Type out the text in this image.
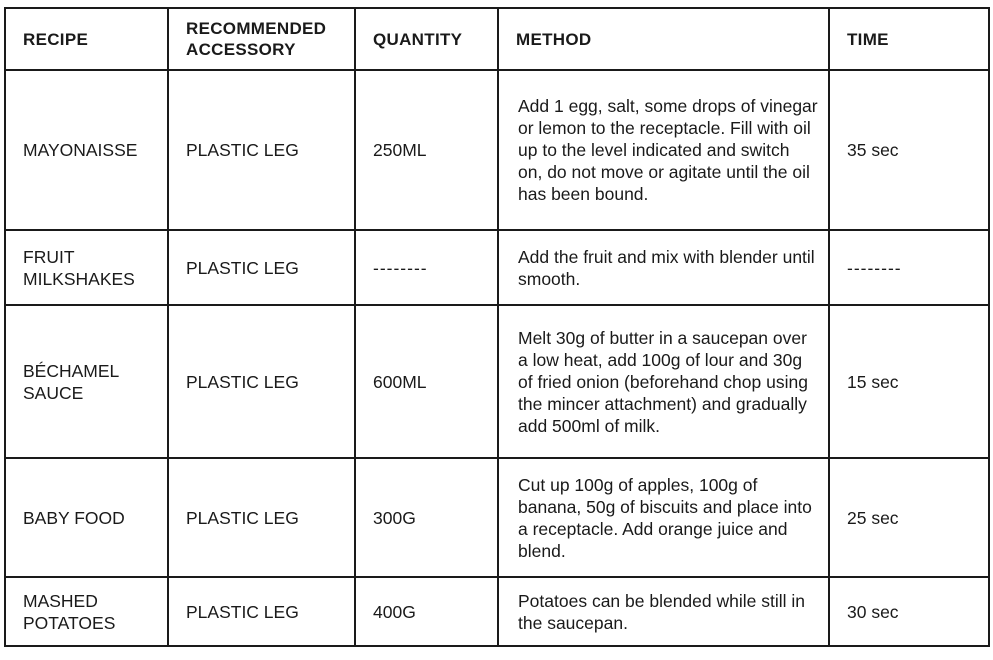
RECIPE	RECOMMENDED ACCESSORY	QUANTITY	METHOD	TIME
MAYONAISSE	PLASTIC LEG	250ML	Add 1 egg, salt, some drops of vinegar or lemon to the receptacle. Fill with oil up to the level indicated and switch on, do not move or agitate until the oil has been bound.	35 sec
FRUIT MILKSHAKES	PLASTIC LEG	--------	Add the fruit and mix with blender until smooth.	--------
BÉCHAMEL SAUCE	PLASTIC LEG	600ML	Melt 30g of butter in a saucepan over a low heat, add 100g of lour and 30g of fried onion (beforehand chop using the mincer attachment) and gradually add 500ml of milk.	15 sec
BABY FOOD	PLASTIC LEG	300G	Cut up 100g of apples, 100g of banana, 50g of biscuits and place into a receptacle. Add orange juice and blend.	25 sec
MASHED POTATOES	PLASTIC LEG	400G	Potatoes can be blended while still in the saucepan.	30 sec
